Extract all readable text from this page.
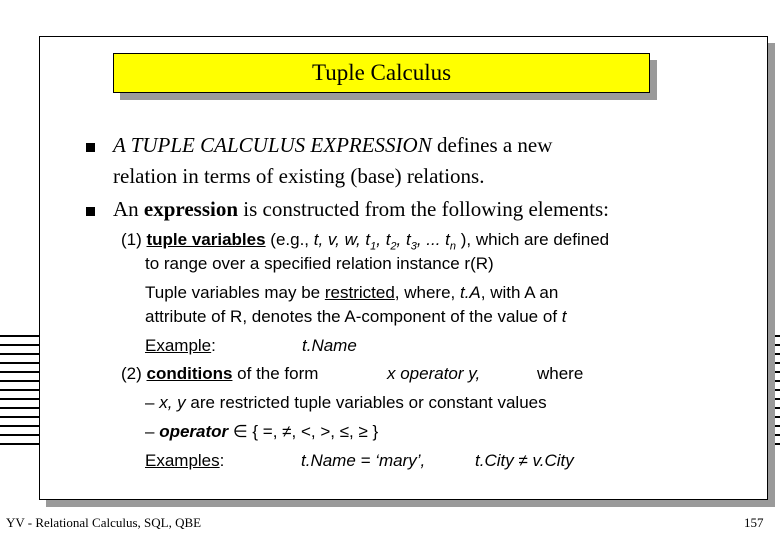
Tuple Calculus
A TUPLE CALCULUS EXPRESSION defines a new
relation in terms of existing (base) relations.
An expression is constructed from the following elements:
(1) tuple variables (e.g., t, v, w, $t_1$, $t_2$, $t_3$, ... $t_n$ ), which are defined
to range over a specified relation instance r(R)
Tuple variables may be restricted, where, t.A, with A an
attribute of R, denotes the A-component of the value of t
Example:	t.Name
(2) conditions of the form	x operator y,	where
– x, y are restricted tuple variables or constant values
– operator ∈ { =, ≠, <, >, ≤, ≥ }
Examples:	t.Name = ‘mary’,	t.City ≠ v.City
YV - Relational Calculus, SQL, QBE	157
